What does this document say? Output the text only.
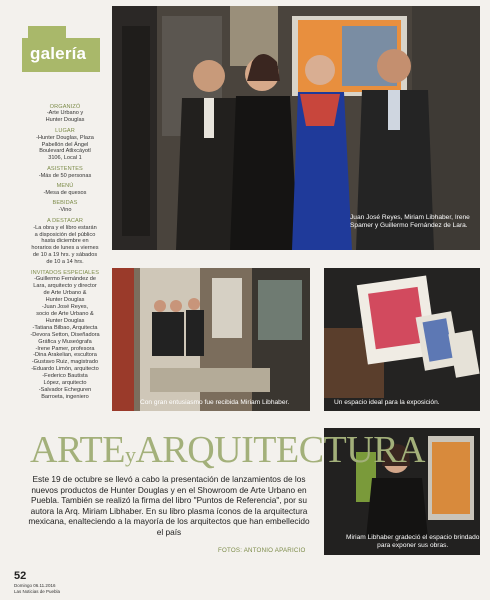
galería
ORGANIZÓ
-Arte Urbano y
Hunter Douglas
LUGAR
-Hunter Douglas, Plaza
Pabellón del Ángel
Boulevard Atlixcáyotl
3106, Local 1
ASISTENTES
-Más de 50 personas
MENÚ
-Mesa de quesos
BEBIDAS
-Vino
A DESTACAR
-La obra y el libro estarán
a disposición del público
hasta diciembre en
horarios de lunes a viernes
de 10 a 19 hrs. y sábados
de 10 a 14 hrs.
INVITADOS ESPECIALES
-Guillermo Fernández de
Lara, arquitecto y director
de Arte Urbano &
Hunter Douglas
-Juan José Reyes,
socio de Arte Urbano &
Hunter Douglas
-Tatiana Bilbao, Arquitecta
-Devora Setton, Diseñadora
Gráfica y Museógrafa
-Irene Pamer, profesora
-Dina Arakelian, escultora
-Gustavo Ruiz, magistrado
-Eduardo Limón, arquitecto
-Federico Bautista
López, arquitecto
-Salvador Echeguren
Barroeta, ingeniero
Juan José Reyes, Miriam Libhaber, Irene
Spamer y Guillermo Fernández de Lara.
Con gran entusiasmo fue recibida Miriam Libhaber.	Un espacio ideal para la exposición.
Miriam Libhaber gradeció el espacio brindado
para exponer sus obras.
ARTEyARQUITECTURA
Este 19 de octubre se llevó a cabo la presentación de lanzamientos de los nuevos productos de Hunter Douglas y en el Showroom de Arte Urbano en Puebla. También se realizó la firma del libro "Puntos de Referencia", por su autora la Arq. Miriam Libhaber. En su libro plasma íconos de la arquitectura mexicana, enalteciendo a la mayoría de los arquitectos que han embellecido el país
FOTOS: ANTONIO APARICIO
52
Domingo 06.11.2016
Las Noticias de Puebla
